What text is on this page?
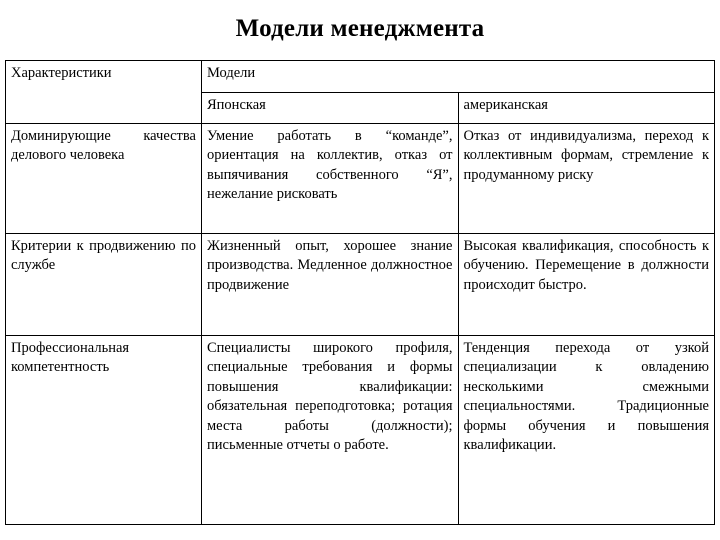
Модели менеджмента
Характеристики	Модели	

	Японская	американская

Доминирующие качества делового человека	Умение работать в “команде”, ориентация на коллектив, отказ от выпячивания собственного “Я”, нежелание рисковать	Отказ от индивидуализма, переход к коллективным формам, стремление к продуманному риску

Критерии к продвижению по службе	Жизненный опыт, хорошее знание производства. Медленное должностное продвижение	Высокая квалификация, способность к обучению. Перемещение в должности происходит быстро.

Профессиональная компетентность	Специалисты широкого профиля, специальные требования и формы повышения квалификации: обязательная переподготовка; ротация места работы (должности); письменные отчеты о работе.	Тенденция перехода от узкой специализации к овладению несколькими смежными специальностями. Традиционные формы обучения и повышения квалификации.
